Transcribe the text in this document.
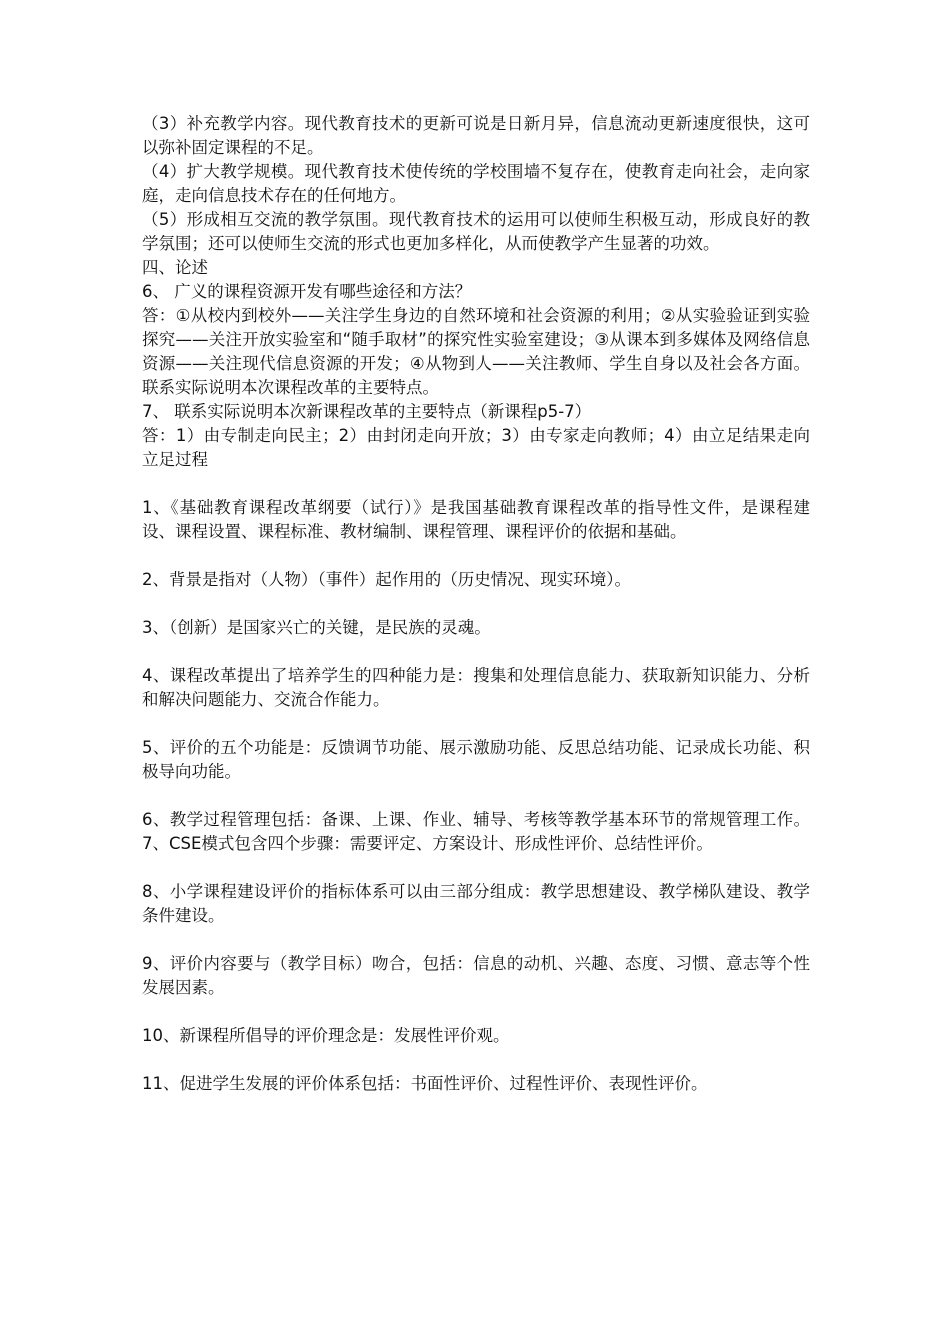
（3）补充教学内容。现代教育技术的更新可说是日新月异，信息流动更新速度很快，这可以弥补固定课程的不足。

（4）扩大教学规模。现代教育技术使传统的学校围墙不复存在，使教育走向社会，走向家庭，走向信息技术存在的任何地方。

（5）形成相互交流的教学氛围。现代教育技术的运用可以使师生积极互动，形成良好的教学氛围；还可以使师生交流的形式也更加多样化，从而使教学产生显著的功效。

四、论述

6、 广义的课程资源开发有哪些途径和方法？

答：①从校内到校外——关注学生身边的自然环境和社会资源的利用；②从实验验证到实验探究——关注开放实验室和“随手取材”的探究性实验室建设；③从课本到多媒体及网络信息资源——关注现代信息资源的开发；④从物到人——关注教师、学生自身以及社会各方面。联系实际说明本次课程改革的主要特点。

7、 联系实际说明本次新课程改革的主要特点（新课程p5-7）

答：1）由专制走向民主；2）由封闭走向开放；3）由专家走向教师；4）由立足结果走向立足过程

1、《基础教育课程改革纲要（试行）》是我国基础教育课程改革的指导性文件，是课程建设、课程设置、课程标准、教材编制、课程管理、课程评价的依据和基础。

2、背景是指对（人物）（事件）起作用的（历史情况、现实环境）。

3、（创新）是国家兴亡的关键，是民族的灵魂。

4、课程改革提出了培养学生的四种能力是：搜集和处理信息能力、获取新知识能力、分析和解决问题能力、交流合作能力。

5、评价的五个功能是：反馈调节功能、展示激励功能、反思总结功能、记录成长功能、积极导向功能。

6、教学过程管理包括：备课、上课、作业、辅导、考核等教学基本环节的常规管理工作。 7、CSE模式包含四个步骤：需要评定、方案设计、形成性评价、总结性评价。

8、小学课程建设评价的指标体系可以由三部分组成：教学思想建设、教学梯队建设、教学条件建设。

9、评价内容要与（教学目标）吻合，包括：信息的动机、兴趣、态度、习惯、意志等个性发展因素。

10、新课程所倡导的评价理念是：发展性评价观。

11、促进学生发展的评价体系包括：书面性评价、过程性评价、表现性评价。
